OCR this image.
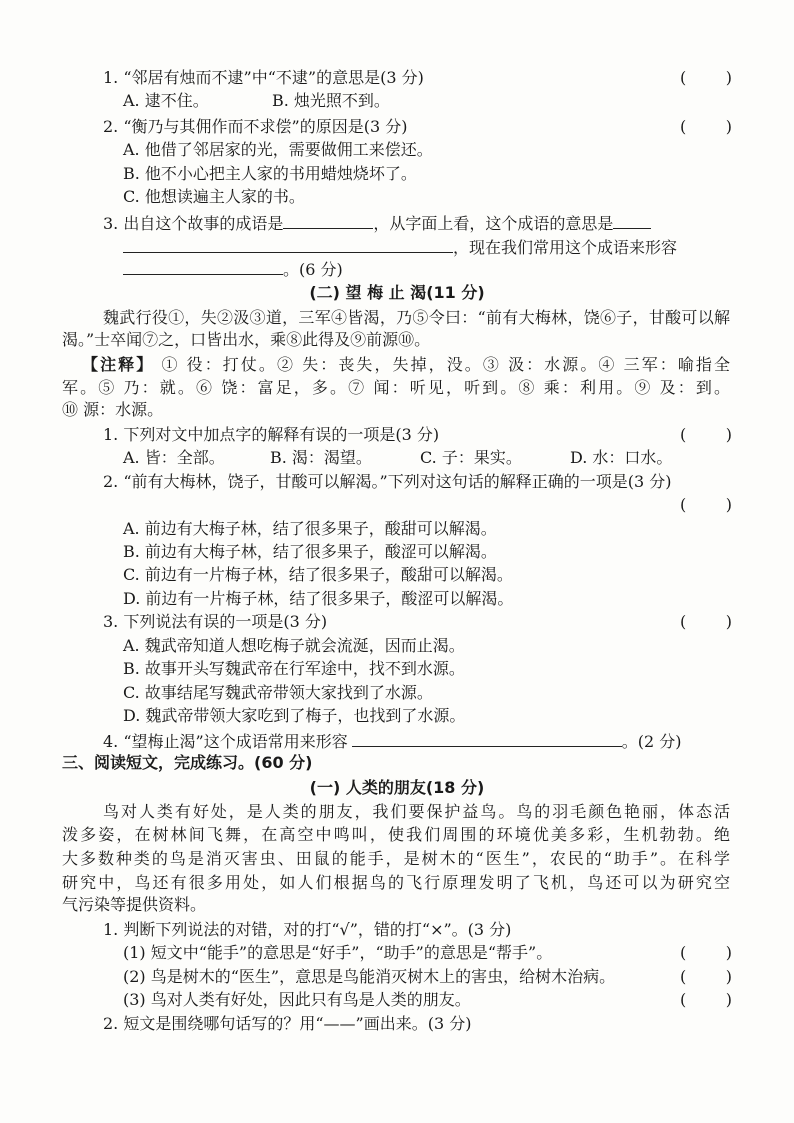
1. “邻居有烛而不逮”中“不逮”的意思是(3 分)	( )
A. 逮不住。	B. 烛光照不到。
2. “衡乃与其佣作而不求偿”的原因是(3 分)	( )
A. 他借了邻居家的光，需要做佣工来偿还。
B. 他不小心把主人家的书用蜡烛烧坏了。
C. 他想读遍主人家的书。
3. 出自这个故事的成语是	，从字面上看，这个成语的意思是
，现在我们常用这个成语来形容
。(6 分)
(二) 望 梅 止 渴(11 分)
魏武行役①，失②汲③道，三军④皆渴，乃⑤令曰：“前有大梅林，饶⑥子，甘酸可以解
渴。”士卒闻⑦之，口皆出水，乘⑧此得及⑨前源⑩。
【注释】 ① 役：打仗。② 失：丧失，失掉，没。③ 汲：水源。④ 三军：喻指全
军。⑤ 乃：就。⑥ 饶：富足，多。⑦ 闻：听见，听到。⑧ 乘：利用。⑨ 及：到。
⑩ 源：水源。
1. 下列对文中加点字的解释有误的一项是(3 分)	( )
A. 皆：全部。	B. 渴：渴望。	C. 子：果实。	D. 水：口水。
2. “前有大梅林，饶子，甘酸可以解渴。”下列对这句话的解释正确的一项是(3 分)
( )
A. 前边有大梅子林，结了很多果子，酸甜可以解渴。
B. 前边有大梅子林，结了很多果子，酸涩可以解渴。
C. 前边有一片梅子林，结了很多果子，酸甜可以解渴。
D. 前边有一片梅子林，结了很多果子，酸涩可以解渴。
3. 下列说法有误的一项是(3 分)	( )
A. 魏武帝知道人想吃梅子就会流涎，因而止渴。
B. 故事开头写魏武帝在行军途中，找不到水源。
C. 故事结尾写魏武帝带领大家找到了水源。
D. 魏武帝带领大家吃到了梅子，也找到了水源。
4. “望梅止渴”这个成语常用来形容	。(2 分)
三、阅读短文，完成练习。(60 分)
(一) 人类的朋友(18 分)
鸟对人类有好处，是人类的朋友，我们要保护益鸟。鸟的羽毛颜色艳丽，体态活
泼多姿，在树林间飞舞，在高空中鸣叫，使我们周围的环境优美多彩，生机勃勃。绝
大多数种类的鸟是消灭害虫、田鼠的能手，是树木的“医生”，农民的“助手”。在科学
研究中，鸟还有很多用处，如人们根据鸟的飞行原理发明了飞机，鸟还可以为研究空
气污染等提供资料。
1. 判断下列说法的对错，对的打“√”，错的打“×”。(3 分)
(1) 短文中“能手”的意思是“好手”，“助手”的意思是“帮手”。	( )
(2) 鸟是树木的“医生”，意思是鸟能消灭树木上的害虫，给树木治病。	( )
(3) 鸟对人类有好处，因此只有鸟是人类的朋友。	( )
2. 短文是围绕哪句话写的？用“——”画出来。(3 分)
